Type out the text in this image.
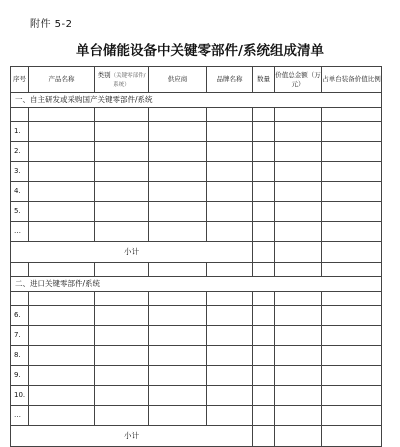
附件 5-2
单台储能设备中关键零部件/系统组成清单
序号	产品名称	类别（关键零部件/系统）	供应商	品牌名称	数量	价值总金额（万元）	占单台装备价值比例
一、自主研发或采购国产关键零部件/系统							

1.							
2.							
3.							
4.							
5.							
…							
小计							

二、进口关键零部件/系统							

6.							
7.							
8.							
9.							
10.							
…							
小计							
